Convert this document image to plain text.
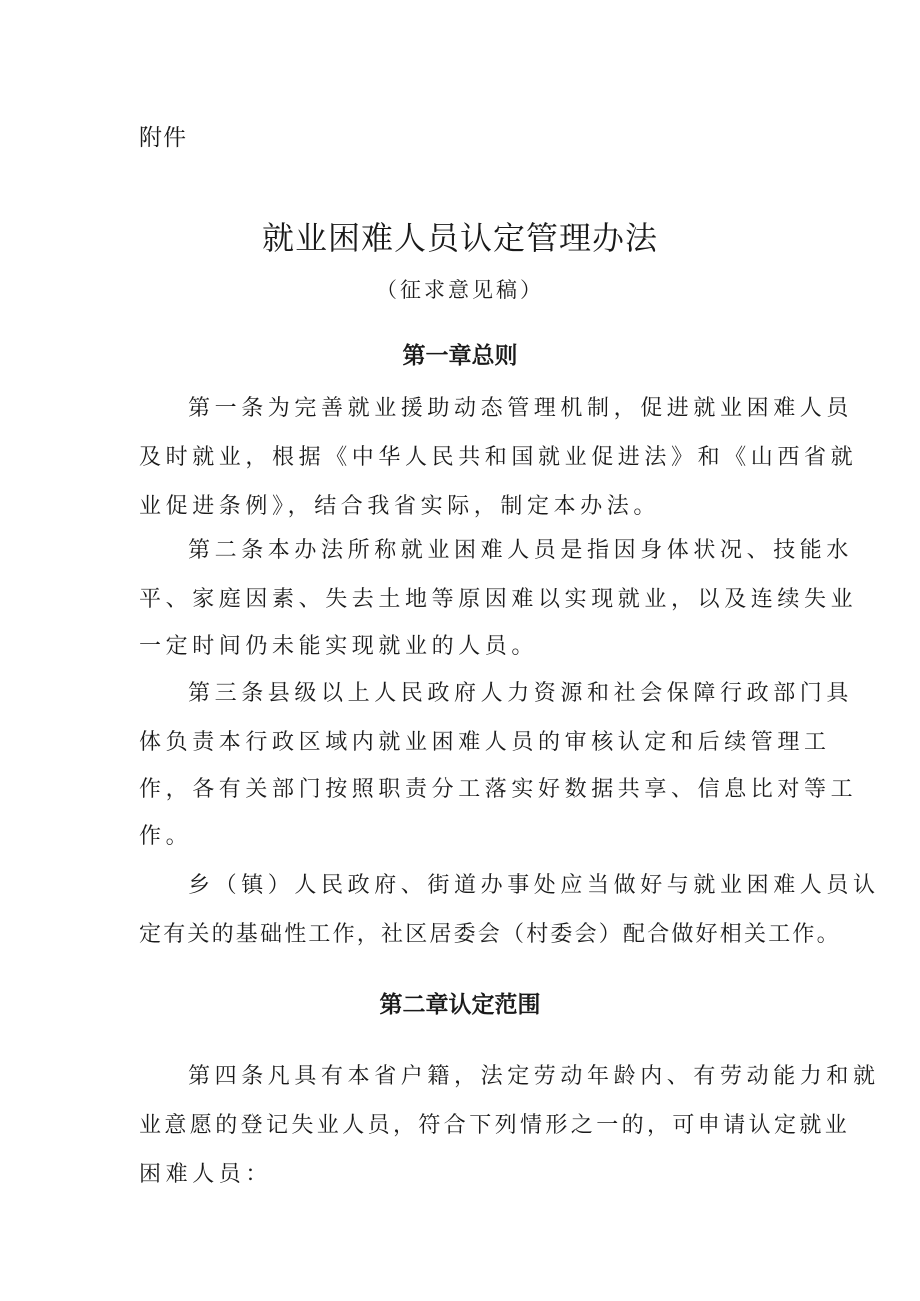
附件
就业困难人员认定管理办法
（征求意见稿）
第一章总则
第一条为完善就业援助动态管理机制，促进就业困难人员
及时就业，根据《中华人民共和国就业促进法》和《山西省就
业促进条例》，结合我省实际，制定本办法。
第二条本办法所称就业困难人员是指因身体状况、技能水
平、家庭因素、失去土地等原因难以实现就业，以及连续失业
一定时间仍未能实现就业的人员。
第三条县级以上人民政府人力资源和社会保障行政部门具
体负责本行政区域内就业困难人员的审核认定和后续管理工
作，各有关部门按照职责分工落实好数据共享、信息比对等工
作。
乡（镇）人民政府、街道办事处应当做好与就业困难人员认
定有关的基础性工作，社区居委会（村委会）配合做好相关工作。
第二章认定范围
第四条凡具有本省户籍，法定劳动年龄内、有劳动能力和就
业意愿的登记失业人员，符合下列情形之一的，可申请认定就业
困难人员：
